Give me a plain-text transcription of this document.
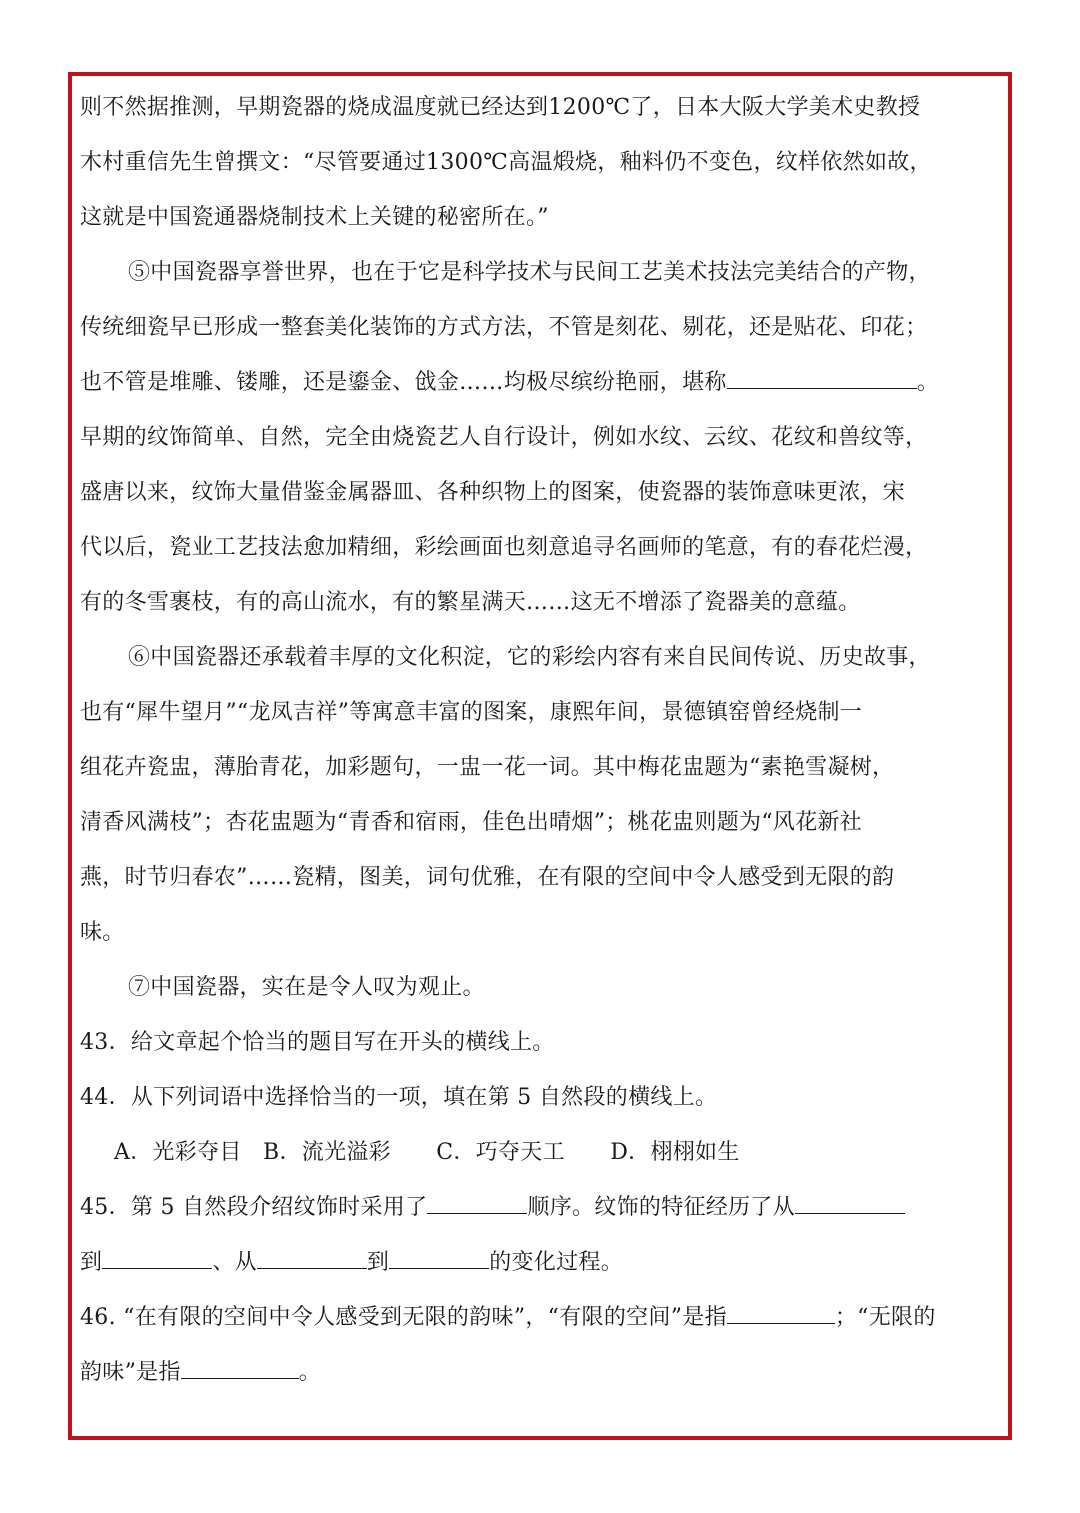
则不然据推测，早期瓷器的烧成温度就已经达到1200℃了，日本大阪大学美术史教授
木村重信先生曾撰文：“尽管要通过1300℃高温煅烧，釉料仍不变色，纹样依然如故，
这就是中国瓷通器烧制技术上关键的秘密所在。”
⑤中国瓷器享誉世界，也在于它是科学技术与民间工艺美术技法完美结合的产物，
传统细瓷早已形成一整套美化装饰的方式方法，不管是刻花、剔花，还是贴花、印花；
也不管是堆雕、镂雕，还是鎏金、戗金……均极尽缤纷艳丽，堪称	。
早期的纹饰简单、自然，完全由烧瓷艺人自行设计，例如水纹、云纹、花纹和兽纹等，
盛唐以来，纹饰大量借鉴金属器皿、各种织物上的图案，使瓷器的装饰意味更浓，宋
代以后，瓷业工艺技法愈加精细，彩绘画面也刻意追寻名画师的笔意，有的春花烂漫，
有的冬雪裹枝，有的高山流水，有的繁星满天……这无不增添了瓷器美的意蕴。
⑥中国瓷器还承载着丰厚的文化积淀，它的彩绘内容有来自民间传说、历史故事，
也有“犀牛望月”“龙凤吉祥”等寓意丰富的图案，康熙年间，景德镇窑曾经烧制一
组花卉瓷盅，薄胎青花，加彩题句，一盅一花一词。其中梅花盅题为“素艳雪凝树，
清香风满枝”；杏花盅题为“青香和宿雨，佳色出晴烟”；桃花盅则题为“风花新社
燕，时节归春农”……瓷精，图美，词句优雅，在有限的空间中令人感受到无限的韵
味。
⑦中国瓷器，实在是令人叹为观止。
43．给文章起个恰当的题目写在开头的横线上。
44．从下列词语中选择恰当的一项，填在第 5 自然段的横线上。
A．光彩夺目 B．流光溢彩 C．巧夺天工 D．栩栩如生
45．第 5 自然段介绍纹饰时采用了	顺序。纹饰的特征经历了从
到	、从	到	的变化过程。
46. “在有限的空间中令人感受到无限的韵味”，“有限的空间”是指	；“无限的
韵味”是指	。
